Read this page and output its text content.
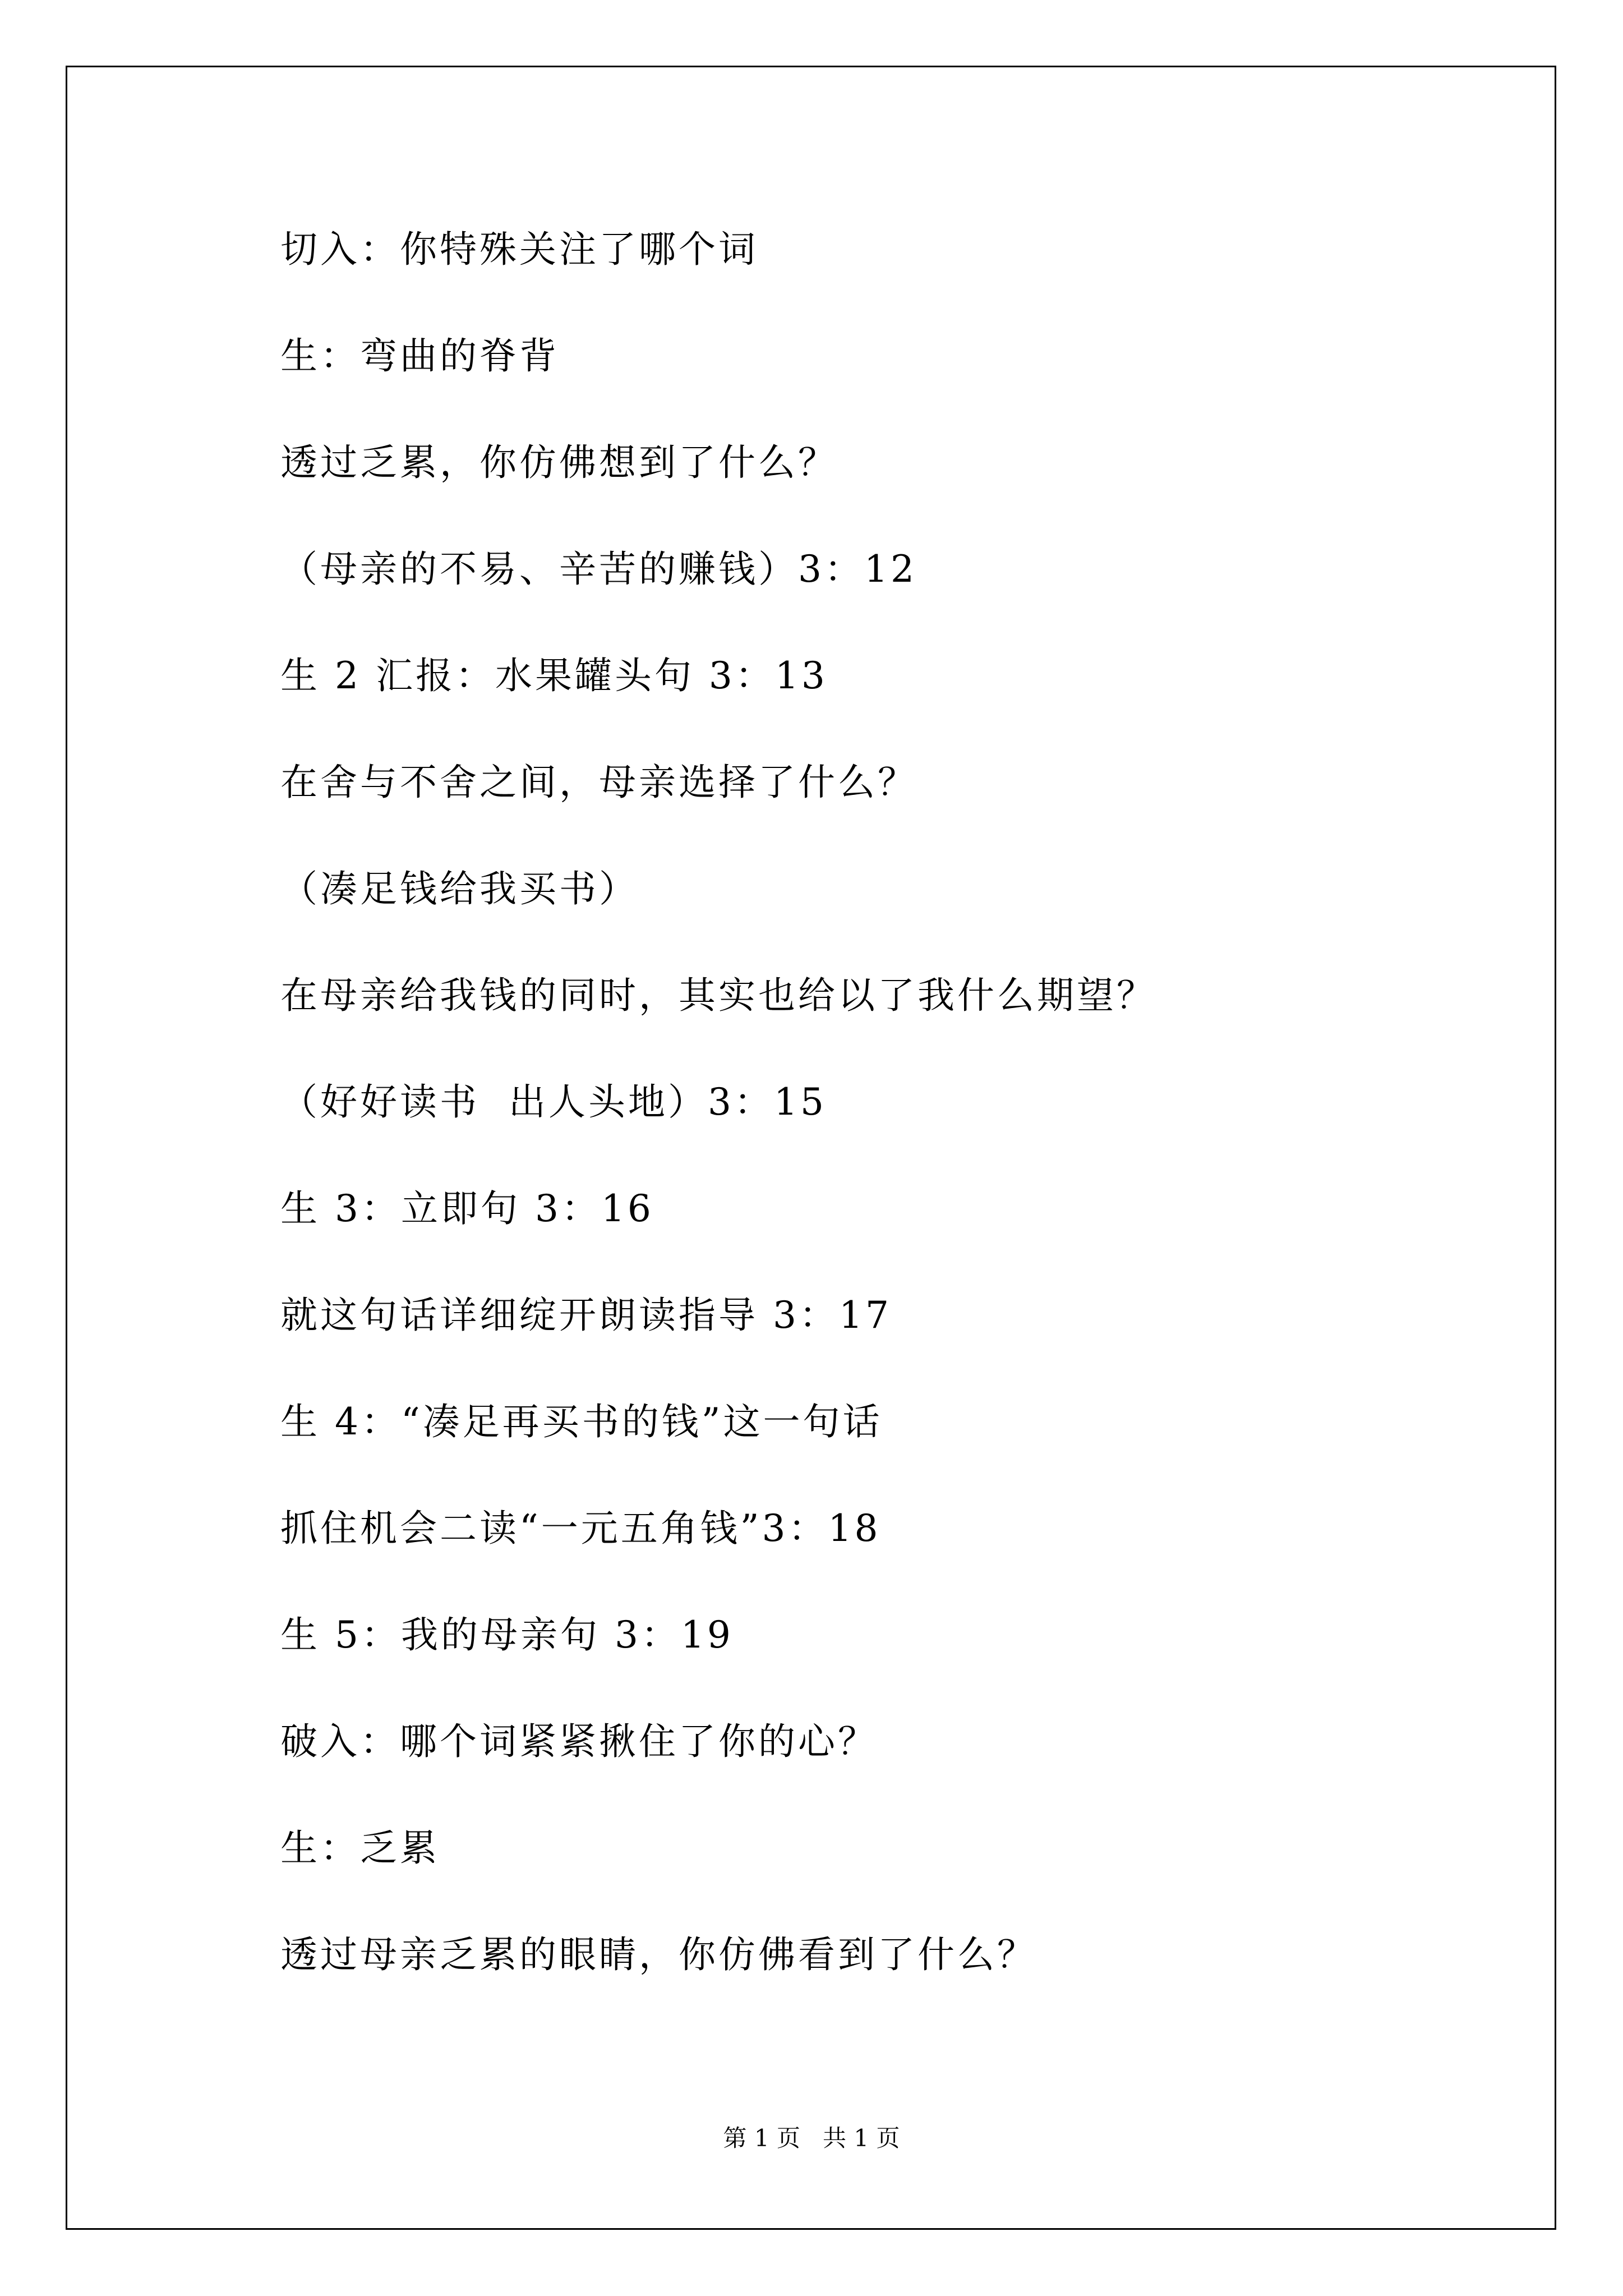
切入：你特殊关注了哪个词
生：弯曲的脊背
透过乏累，你仿佛想到了什么？
（母亲的不易、辛苦的赚钱）3：12
生 2 汇报：水果罐头句 3：13
在舍与不舍之间，母亲选择了什么？
（凑足钱给我买书）
在母亲给我钱的同时，其实也给以了我什么期望？
（好好读书  出人头地）3：15
生 3：立即句 3：16
就这句话详细绽开朗读指导 3：17
生 4：“凑足再买书的钱”这一句话
抓住机会二读“一元五角钱”3：18
生 5：我的母亲句 3：19
破入：哪个词紧紧揪住了你的心？
生：乏累
透过母亲乏累的眼睛，你仿佛看到了什么？
第 1 页   共 1 页
